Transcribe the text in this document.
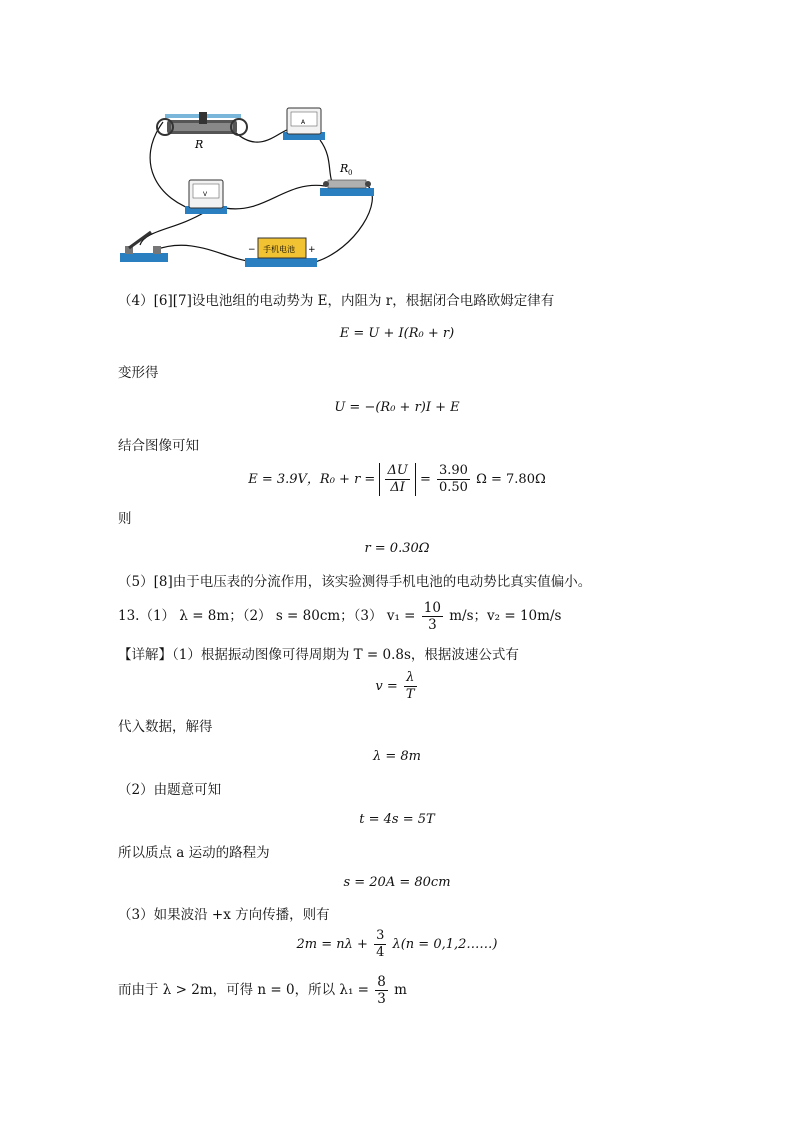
R
A
R 0
V
手机电池
−	+
（4）[6][7]设电池组的电动势为 E，内阻为 r，根据闭合电路欧姆定律有
E = U + I(R₀ + r)
变形得
U = −(R₀ + r)I + E
结合图像可知
E = 3.9V，$R_0 + r = \frac{\Delta U}{\Delta I} = \frac{3.90}{0.50}$ Ω = 7.80Ω
则
r = 0.30Ω
（5）[8]由于电压表的分流作用，该实验测得手机电池的电动势比真实值偏小。
13.（1） λ = 8m；（2） s = 80cm；（3） $v_1 = \frac{10}{3} m/s$；v₂ = 10m/s
【详解】（1）根据振动图像可得周期为 T = 0.8s，根据波速公式有
$v = \frac{\lambda}{T}$
代入数据，解得
λ = 8m
（2）由题意可知
t = 4s = 5T
所以质点 a 运动的路程为
s = 20A = 80cm
（3）如果波沿 +x 方向传播，则有
$2m = n\lambda + \frac{3}{4} \lambda(n$ = 0,1,2……)
而由于 λ > 2m，可得 n = 0，所以 $\lambda_1 = \frac{8}{3}$ m
